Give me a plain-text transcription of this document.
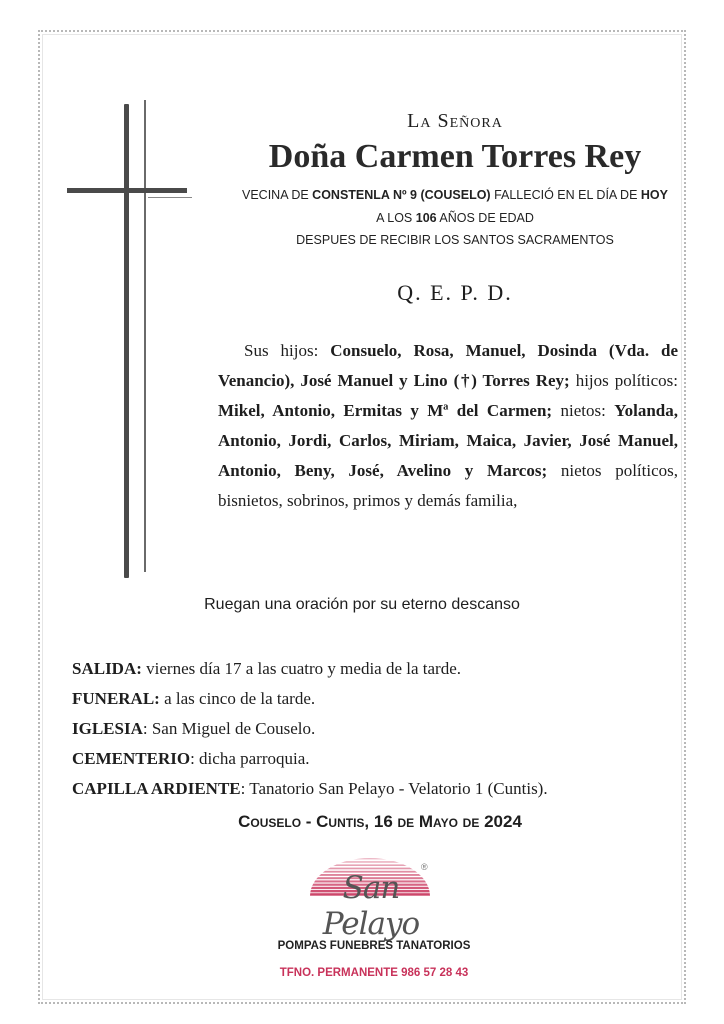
La Señora
Doña Carmen Torres Rey
VECINA DE CONSTENLA Nº 9 (COUSELO) FALLECIÓ EN EL DÍA DE HOY
A LOS 106 AÑOS DE EDAD
DESPUES DE RECIBIR LOS SANTOS SACRAMENTOS
Q. E. P. D.
Sus hijos: Consuelo, Rosa, Manuel, Dosinda (Vda. de Venancio), José Manuel y Lino (†) Torres Rey; hijos políticos: Mikel, Antonio, Ermitas y Mª del Carmen; nietos: Yolanda, Antonio, Jordi, Carlos, Miriam, Maica, Javier, José Manuel, Antonio, Beny, José, Avelino y Marcos; nietos políticos, bisnietos, sobrinos, primos y demás familia,
Ruegan una oración por su eterno descanso
SALIDA: viernes día 17 a las cuatro y media de la tarde.
FUNERAL: a las cinco de la tarde.
IGLESIA: San Miguel de Couselo.
CEMENTERIO: dicha parroquia.
CAPILLA ARDIENTE: Tanatorio San Pelayo - Velatorio 1 (Cuntis).
Couselo - Cuntis, 16 de Mayo de 2024
San Pelayo
®
POMPAS FUNEBRES TANATORIOS
TFNO. PERMANENTE 986 57 28 43
